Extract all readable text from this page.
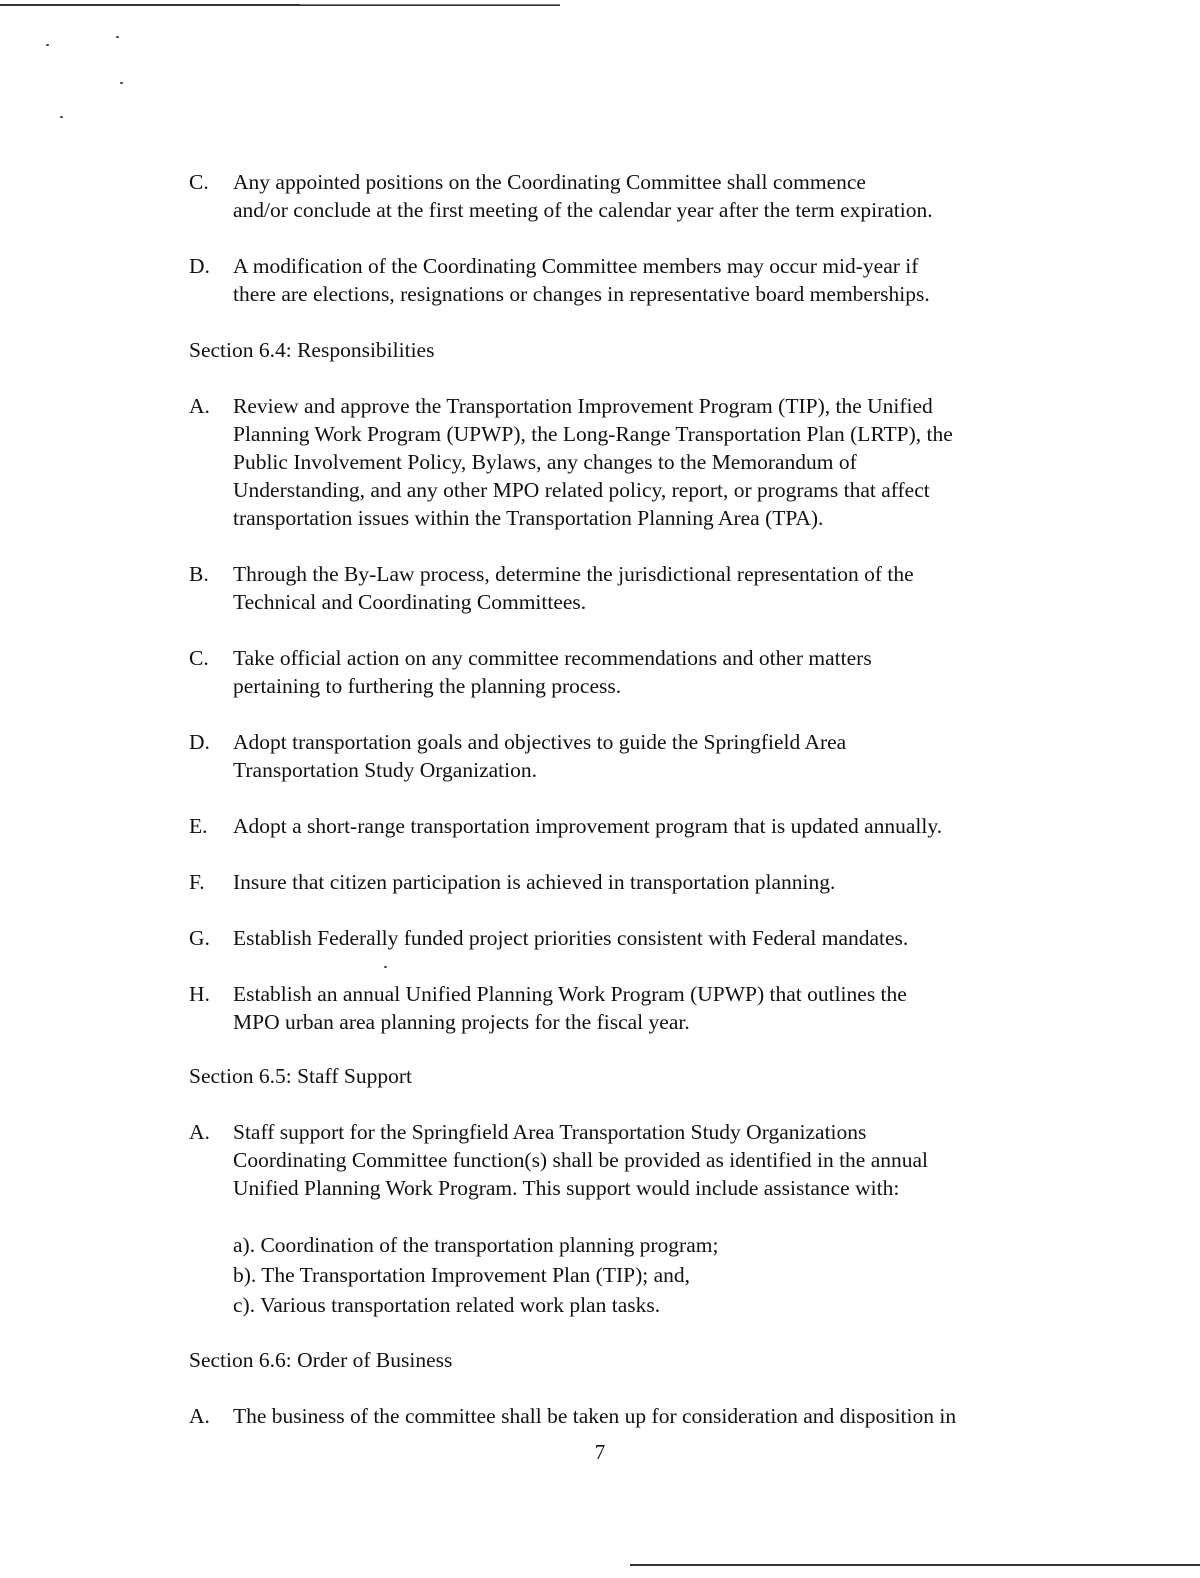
C.	Any appointed positions on the Coordinating Committee shall commence
and/or conclude at the first meeting of the calendar year after the term expiration.
D.	A modification of the Coordinating Committee members may occur mid-year if
there are elections, resignations or changes in representative board memberships.

Section 6.4: Responsibilities

A.	Review and approve the Transportation Improvement Program (TIP), the Unified
Planning Work Program (UPWP), the Long-Range Transportation Plan (LRTP), the
Public Involvement Policy, Bylaws, any changes to the Memorandum of
Understanding, and any other MPO related policy, report, or programs that affect
transportation issues within the Transportation Planning Area (TPA).
B.	Through the By-Law process, determine the jurisdictional representation of the
Technical and Coordinating Committees.
C.	Take official action on any committee recommendations and other matters
pertaining to furthering the planning process.
D.	Adopt transportation goals and objectives to guide the Springfield Area
Transportation Study Organization.
E.	Adopt a short-range transportation improvement program that is updated annually.
F.	Insure that citizen participation is achieved in transportation planning.
G.	Establish Federally funded project priorities consistent with Federal mandates.
H.	Establish an annual Unified Planning Work Program (UPWP) that outlines the
MPO urban area planning projects for the fiscal year.

Section 6.5: Staff Support

A.	Staff support for the Springfield Area Transportation Study Organizations
Coordinating Committee function(s) shall be provided as identified in the annual
Unified Planning Work Program. This support would include assistance with:
a). Coordination of the transportation planning program;
b). The Transportation Improvement Plan (TIP); and,
c). Various transportation related work plan tasks.

Section 6.6: Order of Business

A.	The business of the committee shall be taken up for consideration and disposition in
7
